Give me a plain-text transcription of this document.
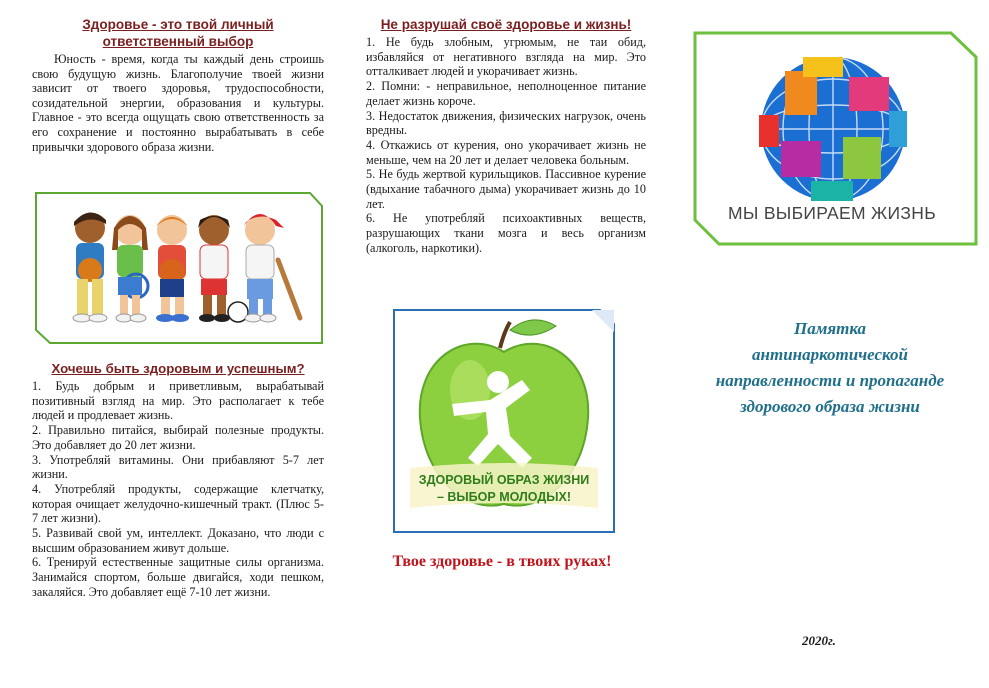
Здоровье - это твой личный

ответственный выбор

Юность - время, когда ты каждый день строишь свою будущую жизнь. Благополучие твоей жизни зависит от твоего здоровья, трудоспособности, созидательной энергии, образования и культуры. Главное - это всегда ощущать свою ответственность за его сохранение и постоянно вырабатывать в себе привычки здорового образа жизни.

Хочешь быть здоровым и успешным?

1. Будь добрым и приветливым, вырабатывай позитивный взгляд на мир. Это располагает к тебе людей и продлевает жизнь.

2. Правильно питайся, выбирай полезные продукты. Это добавляет до 20 лет жизни.

3. Употребляй витамины. Они прибавляют 5-7 лет жизни.

4. Употребляй продукты, содержащие клетчатку, которая очищает желудочно-кишечный тракт. (Плюс 5-7 лет жизни).

5. Развивай свой ум, интеллект. Доказано, что люди с высшим образованием живут дольше.

6. Тренируй естественные защитные силы организма. Занимайся спортом, больше двигайся, ходи пешком, закаляйся. Это добавляет ещё 7-10 лет жизни.

Не разрушай своё здоровье и жизнь!

1. Не будь злобным, угрюмым, не таи обид, избавляйся от негативного взгляда на мир. Это отталкивает людей и укорачивает жизнь.

2. Помни: - неправильное, неполноценное питание делает жизнь короче.

3. Недостаток движения, физических нагрузок, очень вредны.

4. Откажись от курения, оно укорачивает жизнь не меньше, чем на 20 лет и делает человека больным.

5. Не будь жертвой курильщиков. Пассивное курение (вдыхание табачного дыма) укорачивает жизнь до 10 лет.

6. Не употребляй психоактивных веществ, разрушающих ткани мозга и весь организм (алкоголь, наркотики).

ЗДОРОВЫЙ ОБРАЗ ЖИЗНИ
– ВЫБОР МОЛОДЫХ!
Твое здоровье - в твоих руках!
МЫ ВЫБИРАЕМ ЖИЗНЬ
Памятка
антинаркотической
направленности и пропаганде
здорового образа жизни
2020г.
